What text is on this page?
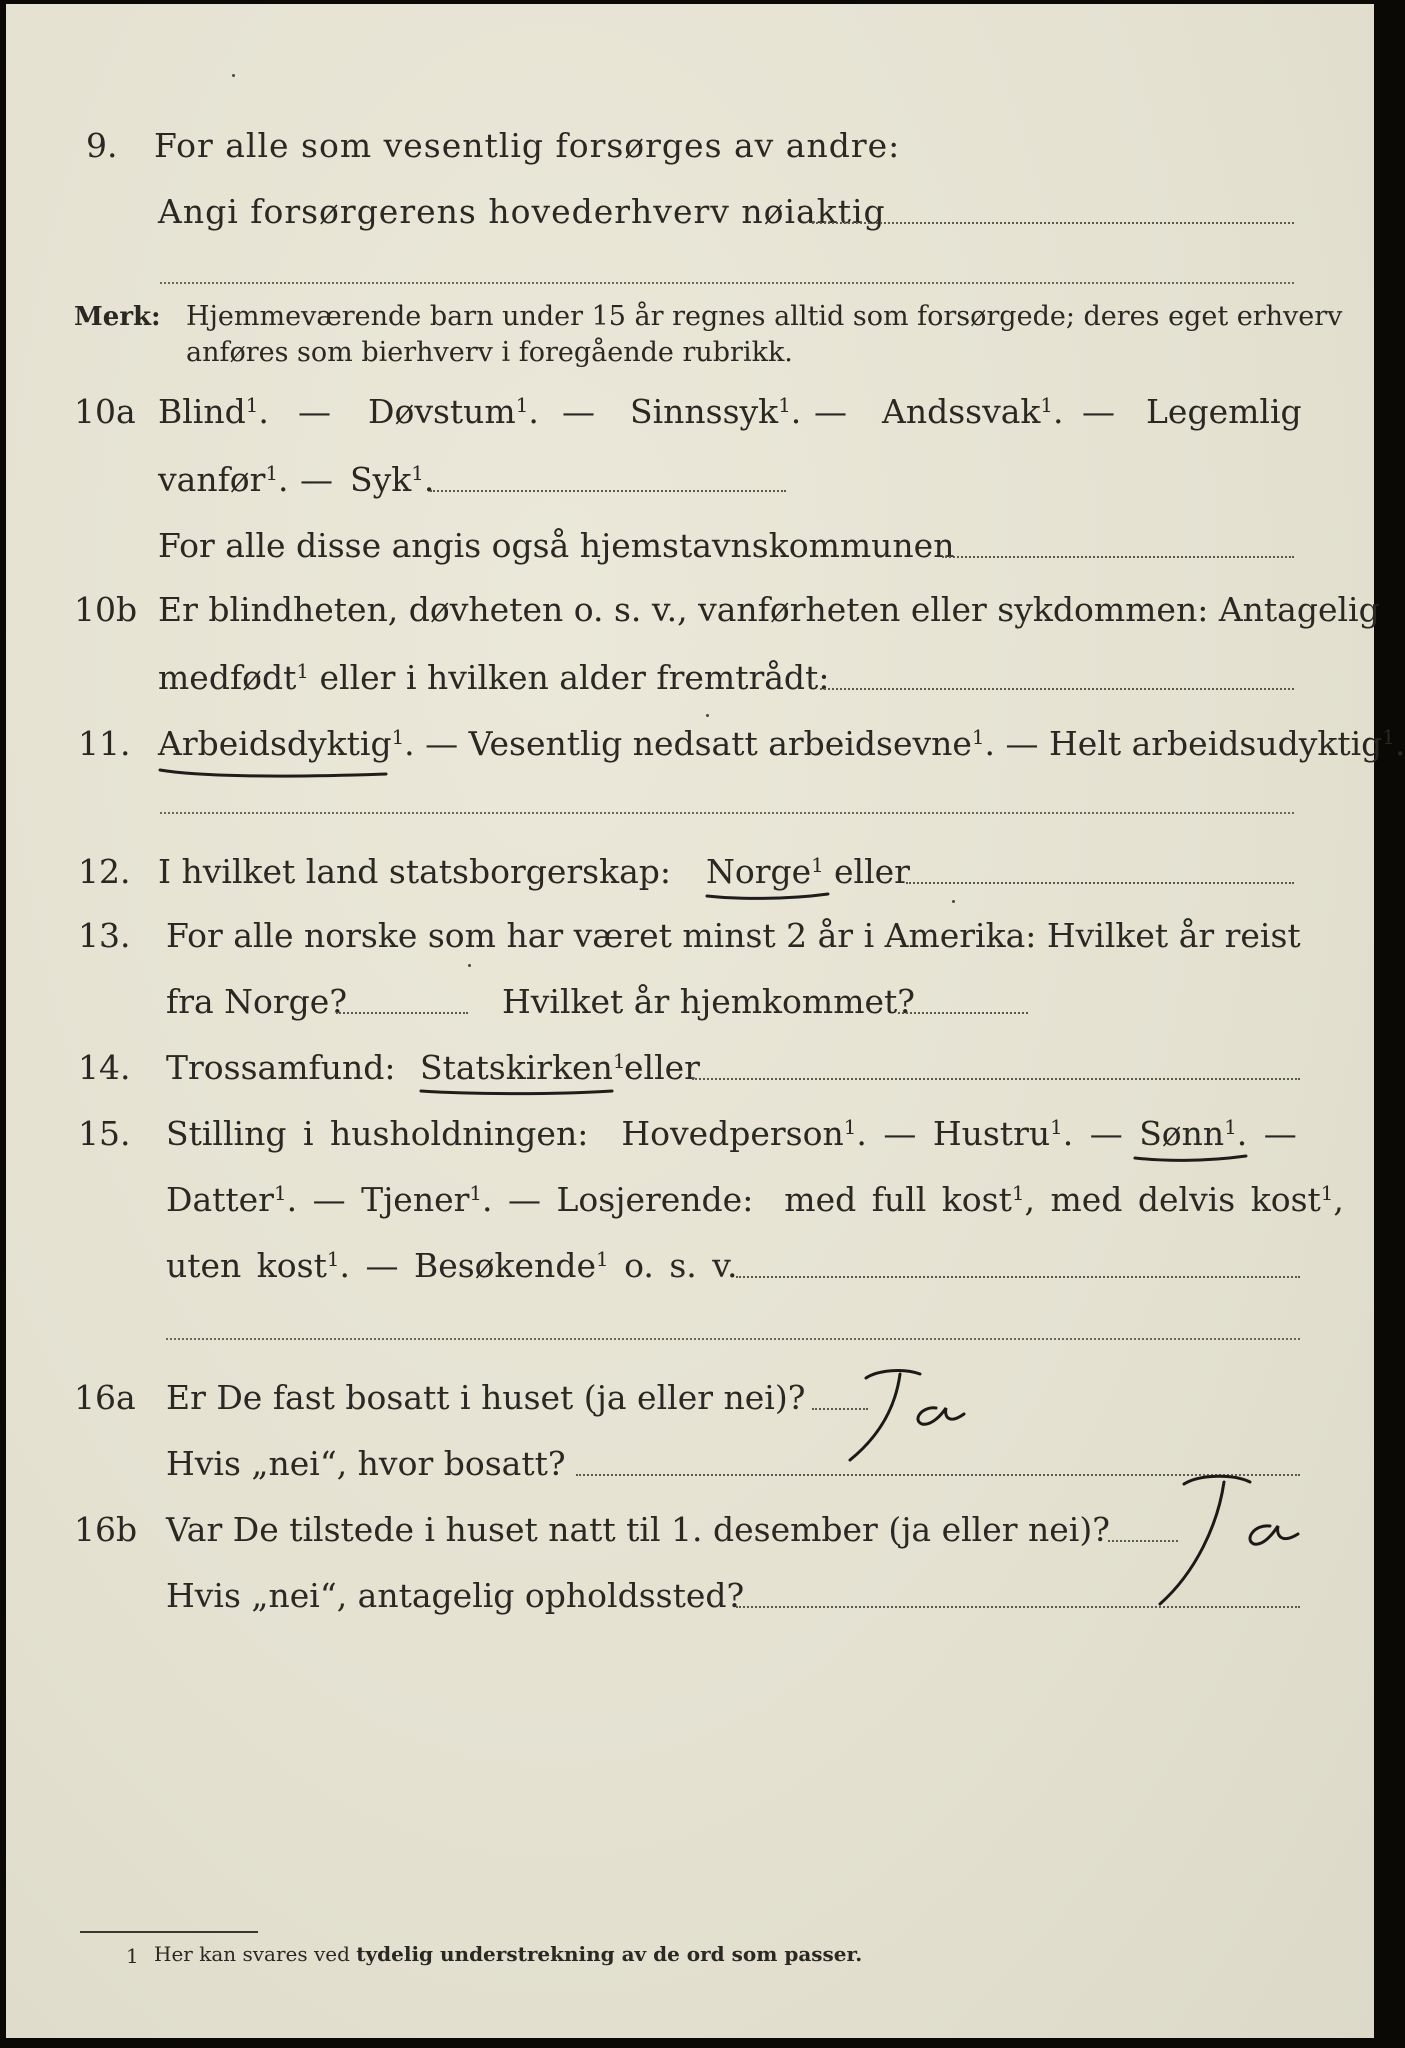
9. For alle som vesentlig forsørges av andre:
Angi forsørgerens hovederhverv nøiaktig
Merk: Hjemmeværende barn under 15 år regnes alltid som forsørgede; deres eget erhverv
anføres som bierhverv i foregående rubrikk.
10a Blind$^1$. — Døvstum$^1$. — Sinnssyk$^1$. — Andssvak$^1$. — Legemlig
vanfør$^1$. — Syk$^1$.
For alle disse angis også hjemstavnskommunen
10b Er blindheten, døvheten o. s. v., vanførheten eller sykdommen: Antagelig
medfødt$^1$ eller i hvilken alder fremtrådt:
11. Arbeidsdyktig$^1$. — Vesentlig nedsatt arbeidsevne$^1$. — Helt arbeidsudyktig$^1$.
12. I hvilket land statsborgerskap: Norge$^1$ eller
13. For alle norske som har været minst 2 år i Amerika: Hvilket år reist
fra Norge?	Hvilket år hjemkommet?
14. Trossamfund: Statskirken$^1$
eller
15. Stilling i husholdningen: Hovedperson$^1$. — Hustru$^1$. — Sønn$^1$. —
Datter$^1$. — Tjener$^1$. — Losjerende: med full kost$^1$, med delvis kost$^1$,
uten kost$^1$. — Besøkende$^1$ o. s. v.
16a Er De fast bosatt i huset (ja eller nei)?
Hvis „nei“, hvor bosatt?
16b Var De tilstede i huset natt til 1. desember (ja eller nei)?
Hvis „nei“, antagelig opholdssted?
1 Her kan svares ved tydelig understrekning av de ord som passer.
